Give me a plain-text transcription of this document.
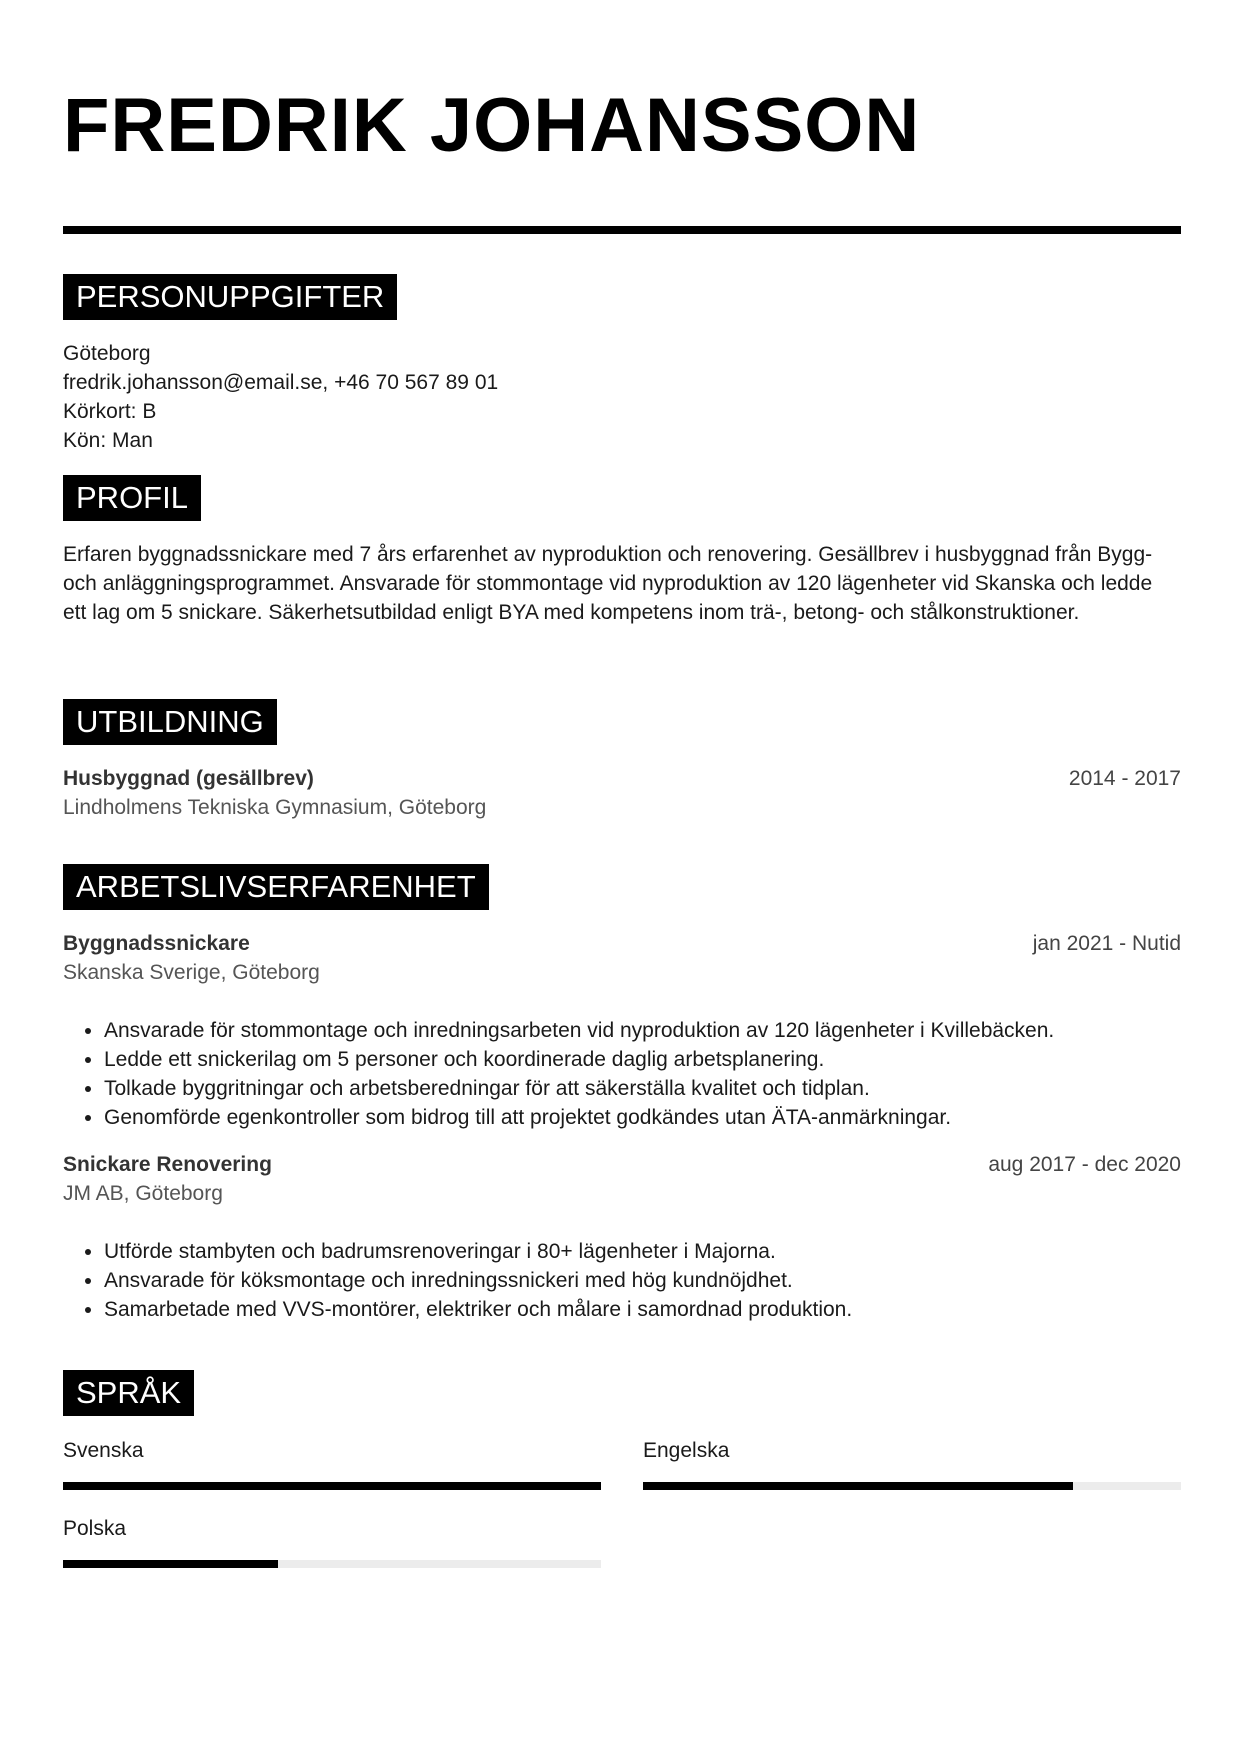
FREDRIK JOHANSSON
PERSONUPPGIFTER
Göteborg
fredrik.johansson@email.se, +46 70 567 89 01
Körkort: B
Kön: Man
PROFIL
Erfaren byggnadssnickare med 7 års erfarenhet av nyproduktion och renovering. Gesällbrev i husbyggnad från Bygg- och anläggningsprogrammet. Ansvarade för stommontage vid nyproduktion av 120 lägenheter vid Skanska och ledde ett lag om 5 snickare. Säkerhetsutbildad enligt BYA med kompetens inom trä-, betong- och stålkonstruktioner.
UTBILDNING
Husbyggnad (gesällbrev)	2014 - 2017
Lindholmens Tekniska Gymnasium, Göteborg
ARBETSLIVSERFARENHET
Byggnadssnickare	jan 2021 - Nutid
Skanska Sverige, Göteborg
• Ansvarade för stommontage och inredningsarbeten vid nyproduktion av 120 lägenheter i Kvillebäcken.
• Ledde ett snickerilag om 5 personer och koordinerade daglig arbetsplanering.
• Tolkade byggritningar och arbetsberedningar för att säkerställa kvalitet och tidplan.
• Genomförde egenkontroller som bidrog till att projektet godkändes utan ÄTA-anmärkningar.
Snickare Renovering	aug 2017 - dec 2020
JM AB, Göteborg
• Utförde stambyten och badrumsrenoveringar i 80+ lägenheter i Majorna.
• Ansvarade för köksmontage och inredningssnickeri med hög kundnöjdhet.
• Samarbetade med VVS-montörer, elektriker och målare i samordnad produktion.
SPRÅK
Svenska	Engelska
Polska
